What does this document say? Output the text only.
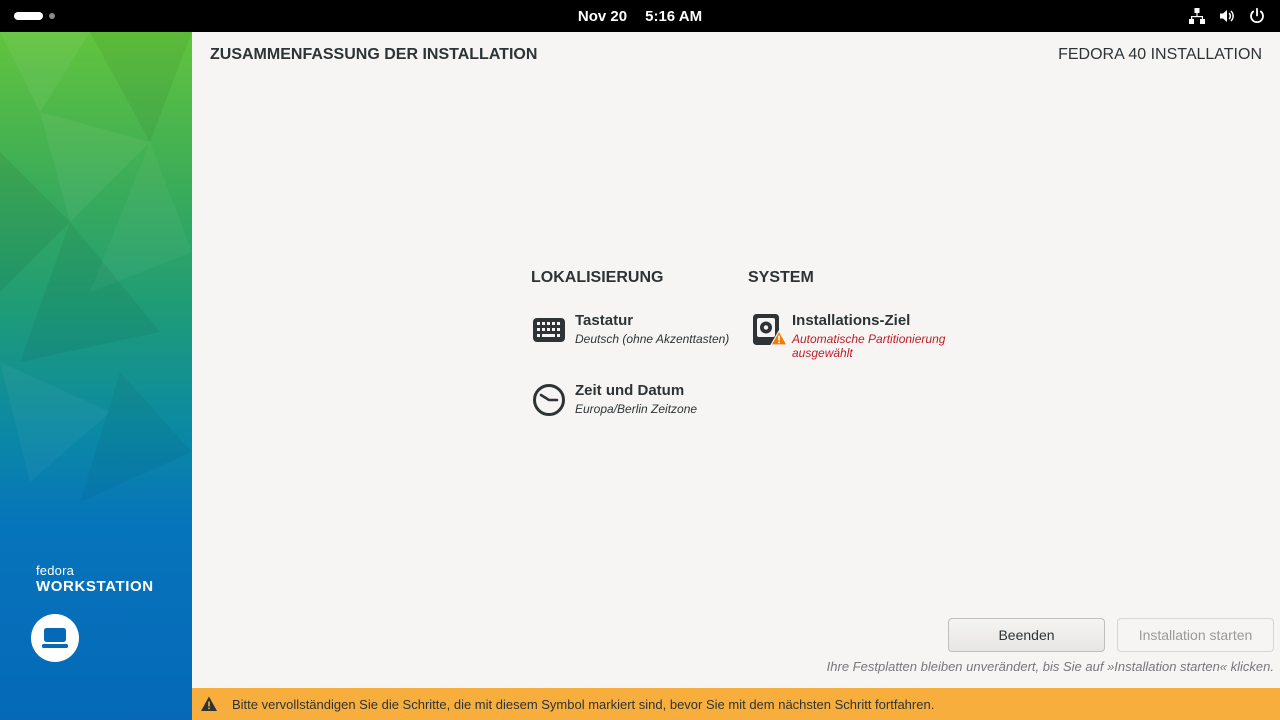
Nov 20 5:16 AM
fedora
WORKSTATION
ZUSAMMENFASSUNG DER INSTALLATION	FEDORA 40 INSTALLATION
LOKALISIERUNG	SYSTEM
Tastatur
Deutsch (ohne Akzenttasten)
Zeit und Datum
Europa/Berlin Zeitzone
Installations-Ziel
Automatische Partitionierung ausgewählt
Beenden	Installation starten
Ihre Festplatten bleiben unverändert, bis Sie auf »Installation starten« klicken.
Bitte vervollständigen Sie die Schritte, die mit diesem Symbol markiert sind, bevor Sie mit dem nächsten Schritt fortfahren.
